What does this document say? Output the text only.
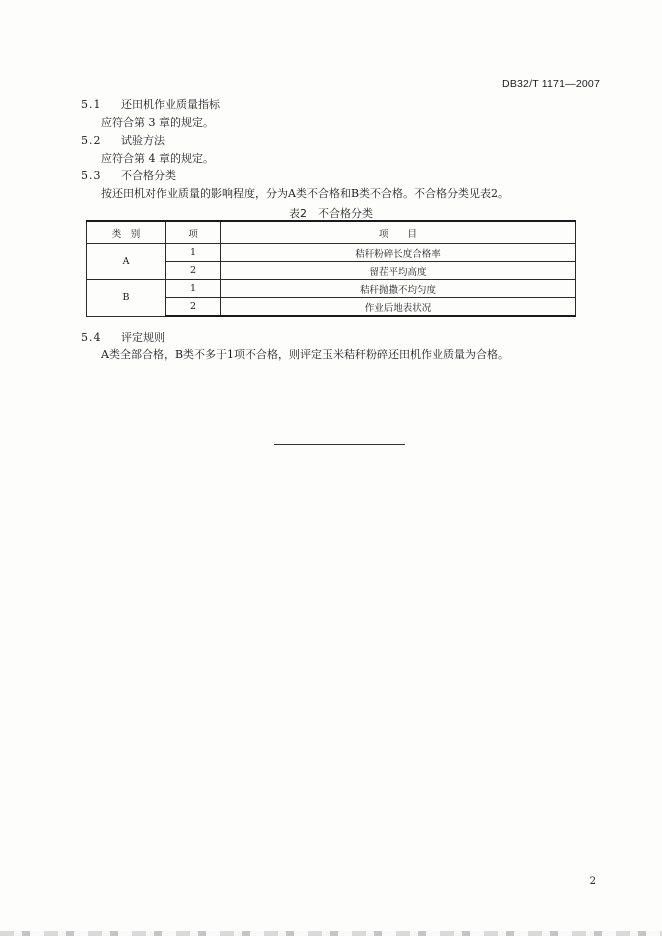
DB32/T 1171—2007
5.1 还田机作业质量指标
应符合第 3 章的规定。
5.2 试验方法
应符合第 4 章的规定。
5.3 不合格分类
按还田机对作业质量的影响程度，分为A类不合格和B类不合格。不合格分类见表2。
表2　不合格分类
类　别	项	项　　目
A	1	秸秆粉碎长度合格率
	2	留茬平均高度
B	1	秸秆抛撒不均匀度
	2	作业后地表状况
5.4 评定规则
A类全部合格，B类不多于1项不合格，则评定玉米秸秆粉碎还田机作业质量为合格。
2
